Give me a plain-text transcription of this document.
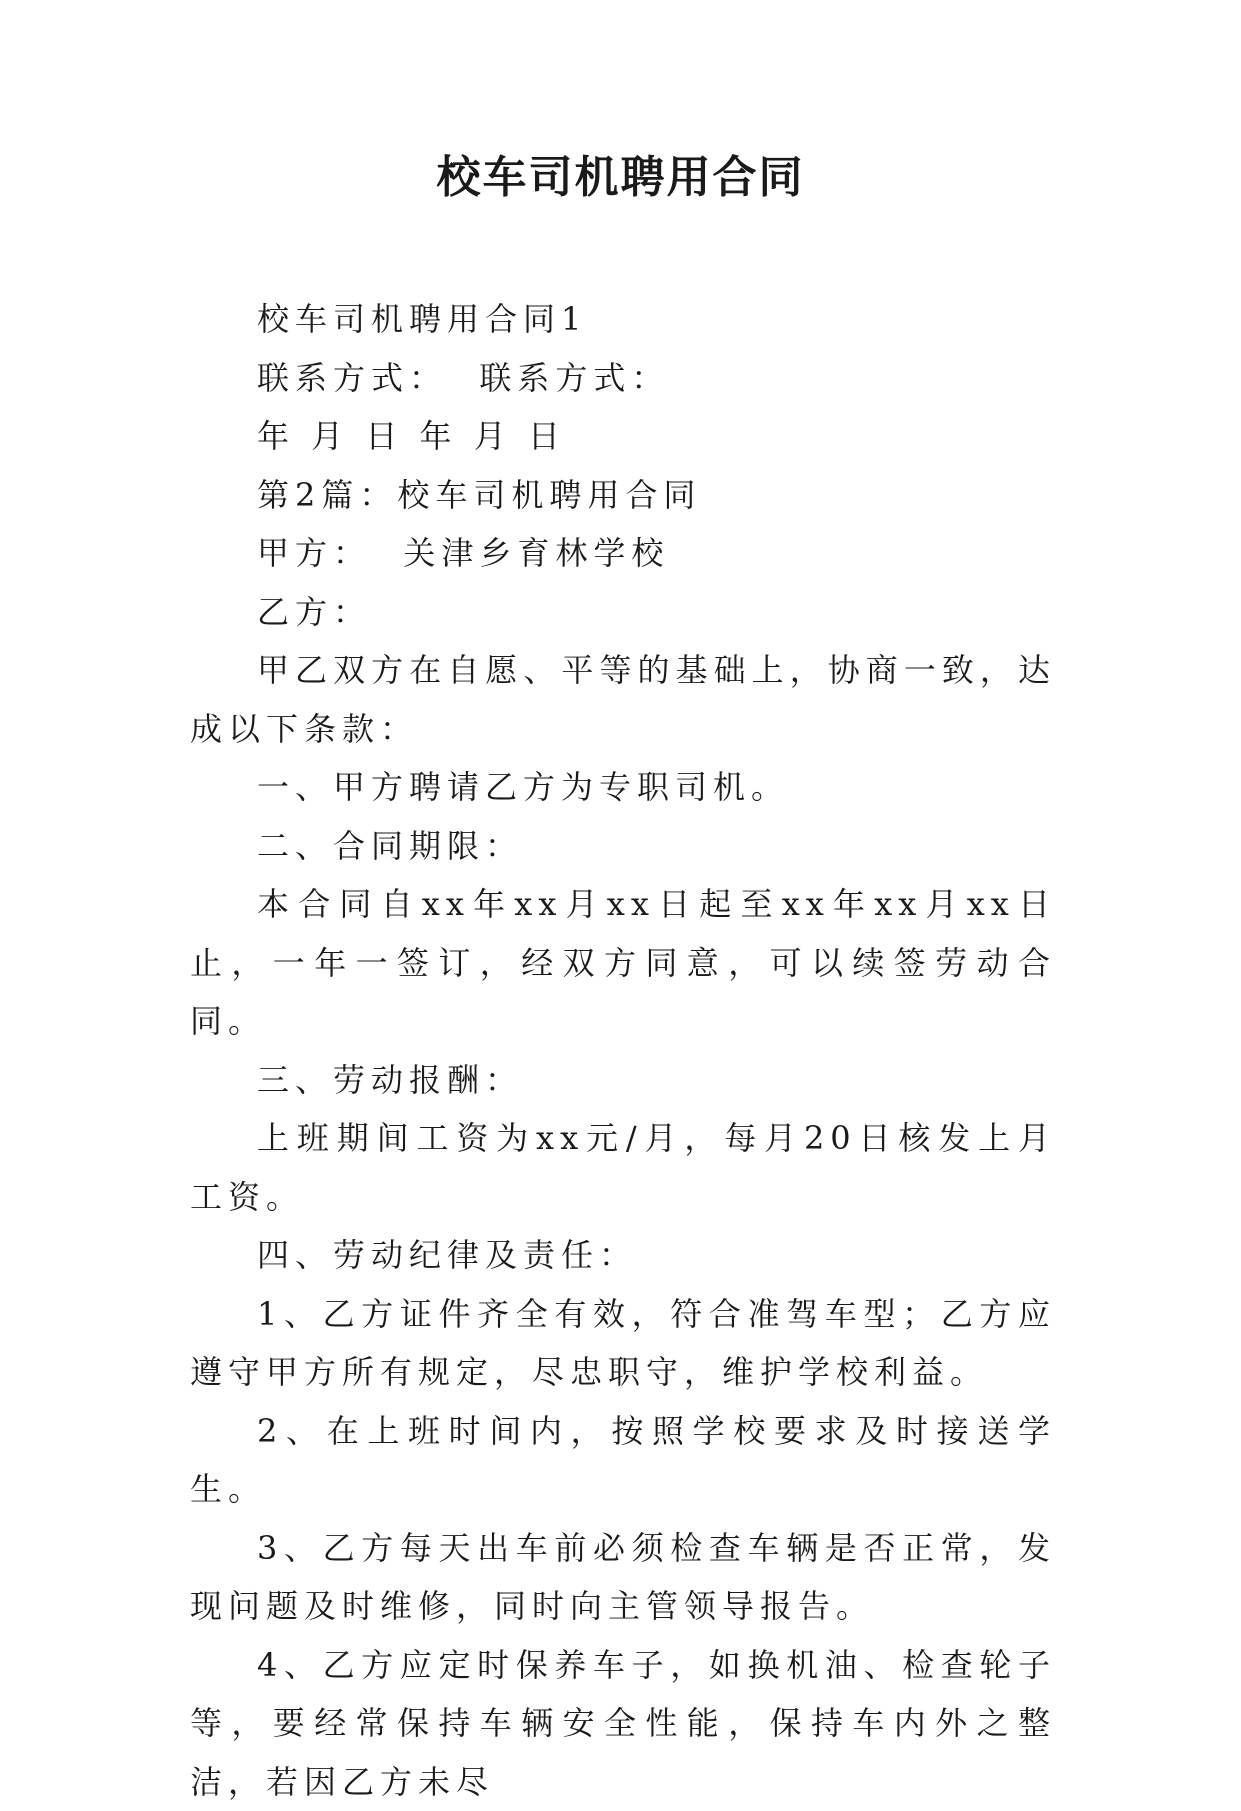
校车司机聘用合同

校车司机聘用合同1

联系方式：  联系方式：

年 月 日 年 月 日

第2篇：校车司机聘用合同

甲方：  关津乡育林学校

乙方：

甲乙双方在自愿、平等的基础上，协商一致，达成以下条款：

一、甲方聘请乙方为专职司机。

二、合同期限：

本合同自xx年xx月xx日起至xx年xx月xx日止，一年一签订，经双方同意，可以续签劳动合同。

三、劳动报酬：

上班期间工资为xx元/月，每月20日核发上月工资。

四、劳动纪律及责任：

1、乙方证件齐全有效，符合准驾车型；乙方应遵守甲方所有规定，尽忠职守，维护学校利益。

2、在上班时间内，按照学校要求及时接送学生。

3、乙方每天出车前必须检查车辆是否正常，发现问题及时维修，同时向主管领导报告。

4、乙方应定时保养车子，如换机油、检查轮子等，要经常保持车辆安全性能，保持车内外之整洁，若因乙方未尽
